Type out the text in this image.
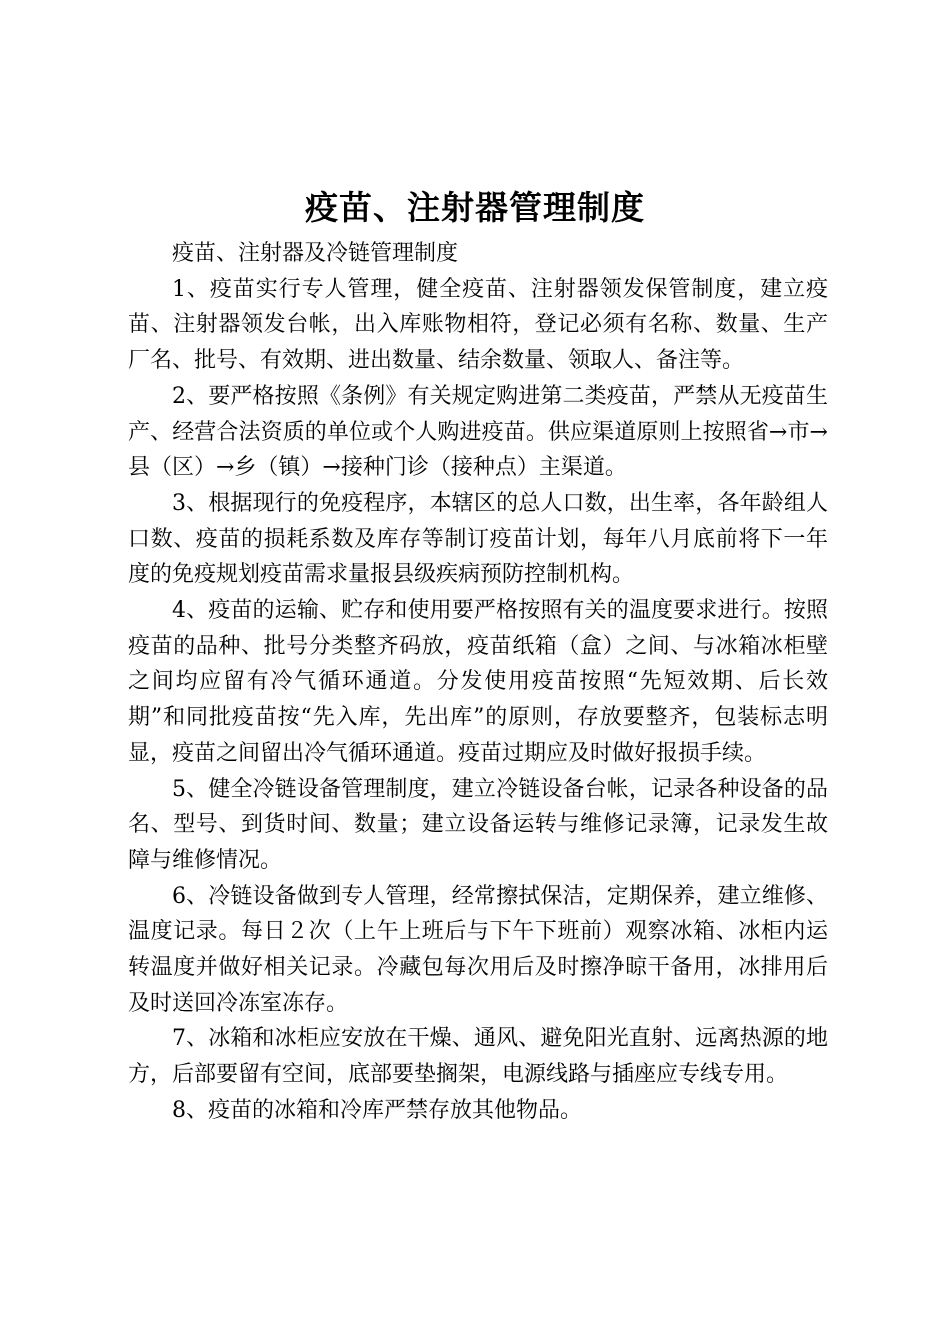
疫苗、注射器管理制度

疫苗、注射器及冷链管理制度

1、疫苗实行专人管理，健全疫苗、注射器领发保管制度，建立疫苗、注射器领发台帐，出入库账物相符，登记必须有名称、数量、生产厂名、批号、有效期、进出数量、结余数量、领取人、备注等。

2、要严格按照《条例》有关规定购进第二类疫苗，严禁从无疫苗生产、经营合法资质的单位或个人购进疫苗。供应渠道原则上按照省→市→县（区）→乡（镇）→接种门诊（接种点）主渠道。

3、根据现行的免疫程序，本辖区的总人口数，出生率，各年龄组人口数、疫苗的损耗系数及库存等制订疫苗计划，每年八月底前将下一年度的免疫规划疫苗需求量报县级疾病预防控制机构。

4、疫苗的运输、贮存和使用要严格按照有关的温度要求进行。按照疫苗的品种、批号分类整齐码放，疫苗纸箱（盒）之间、与冰箱冰柜壁之间均应留有冷气循环通道。分发使用疫苗按照“先短效期、后长效期”和同批疫苗按“先入库，先出库”的原则，存放要整齐，包装标志明显，疫苗之间留出冷气循环通道。疫苗过期应及时做好报损手续。

5、健全冷链设备管理制度，建立冷链设备台帐，记录各种设备的品名、型号、到货时间、数量；建立设备运转与维修记录簿，记录发生故障与维修情况。

6、冷链设备做到专人管理，经常擦拭保洁，定期保养，建立维修、温度记录。每日２次（上午上班后与下午下班前）观察冰箱、冰柜内运转温度并做好相关记录。冷藏包每次用后及时擦净晾干备用，冰排用后及时送回冷冻室冻存。

7、冰箱和冰柜应安放在干燥、通风、避免阳光直射、远离热源的地方，后部要留有空间，底部要垫搁架，电源线路与插座应专线专用。

8、疫苗的冰箱和冷库严禁存放其他物品。
